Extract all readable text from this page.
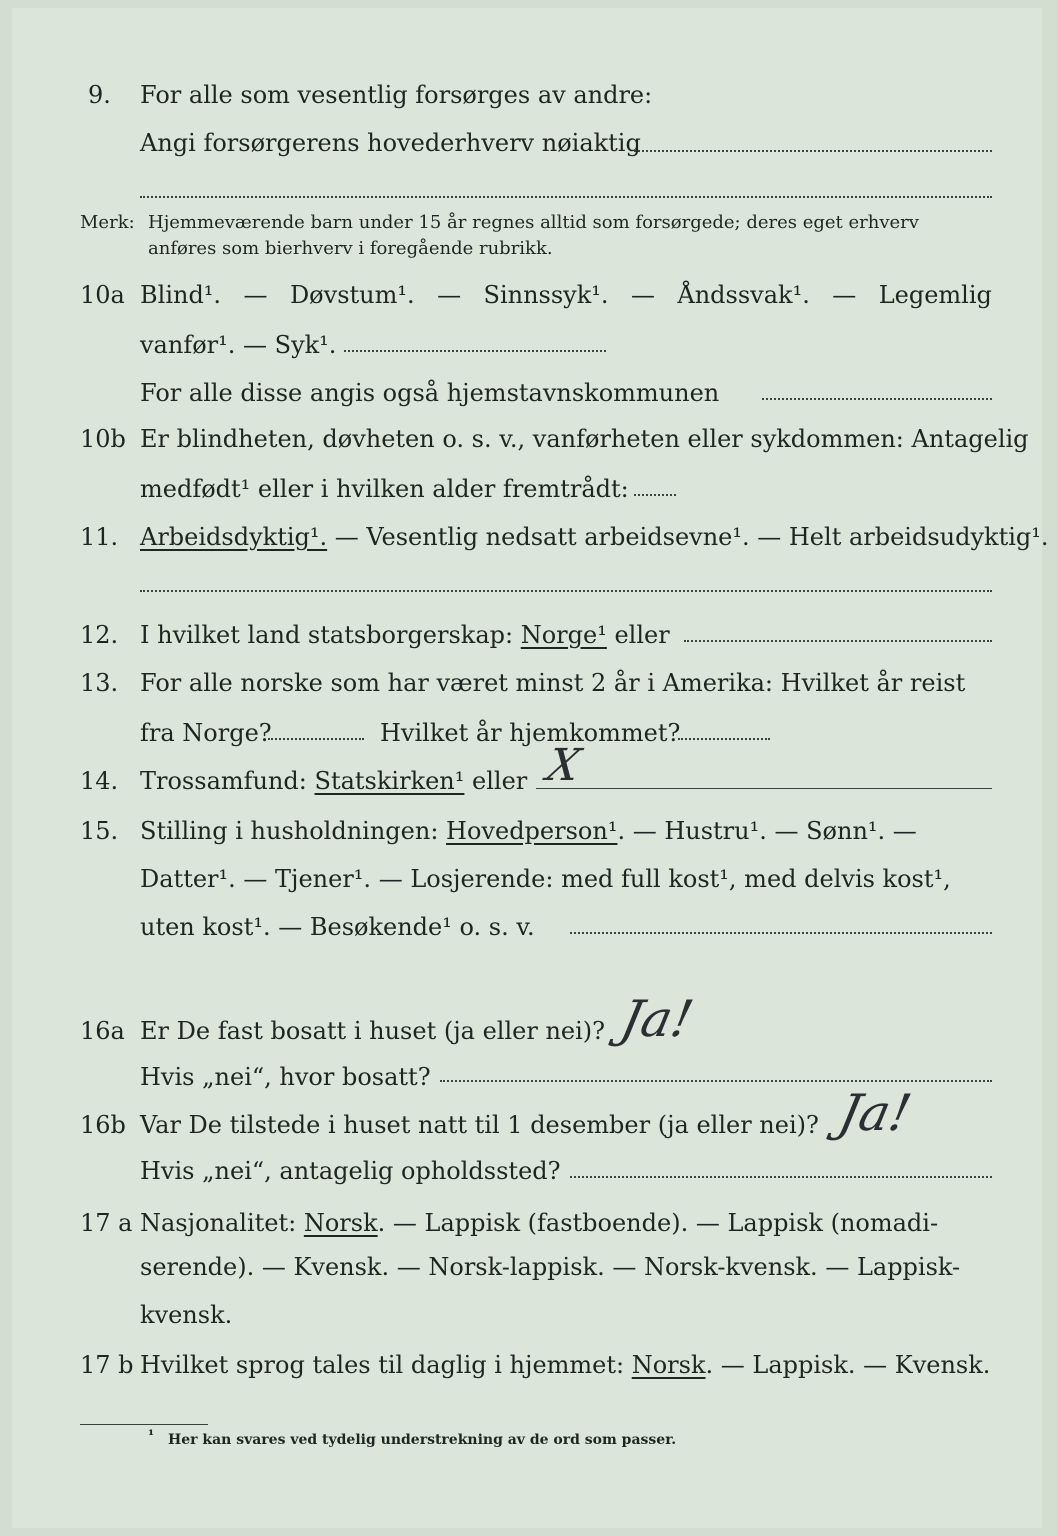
9. For alle som vesentlig forsørges av andre:
Angi forsørgerens hovederhverv nøiaktig
Merk: Hjemmeværende barn under 15 år regnes alltid som forsørgede; deres eget erhverv
anføres som bierhverv i foregående rubrikk.
10a Blind¹. — Døvstum¹. — Sinnssyk¹. — Åndssvak¹. — Legemlig
vanfør¹. — Syk¹.
For alle disse angis også hjemstavnskommunen
10b Er blindheten, døvheten o. s. v., vanførheten eller sykdommen: Antagelig
medfødt¹ eller i hvilken alder fremtrådt:
11. Arbeidsdyktig¹. — Vesentlig nedsatt arbeidsevne¹. — Helt arbeidsudyktig¹.
12. I hvilket land statsborgerskap: Norge¹ eller
13. For alle norske som har været minst 2 år i Amerika: Hvilket år reist
fra Norge?	Hvilket år hjemkommet?
14. Trossamfund: Statskirken¹ eller X
15. Stilling i husholdningen: Hovedperson¹. — Hustru¹. — Sønn¹. —
Datter¹. — Tjener¹. — Losjerende: med full kost¹, med delvis kost¹,
uten kost¹. — Besøkende¹ o. s. v.
16a Er De fast bosatt i huset (ja eller nei)? Ja!
Hvis „nei“, hvor bosatt?
16b Var De tilstede i huset natt til 1 desember (ja eller nei)? Ja!
Hvis „nei“, antagelig opholdssted?
17 a Nasjonalitet: Norsk. — Lappisk (fastboende). — Lappisk (nomadi-
serende). — Kvensk. — Norsk-lappisk. — Norsk-kvensk. — Lappisk-
kvensk.
17 b Hvilket sprog tales til daglig i hjemmet: Norsk. — Lappisk. — Kvensk.
¹ Her kan svares ved tydelig understrekning av de ord som passer.
